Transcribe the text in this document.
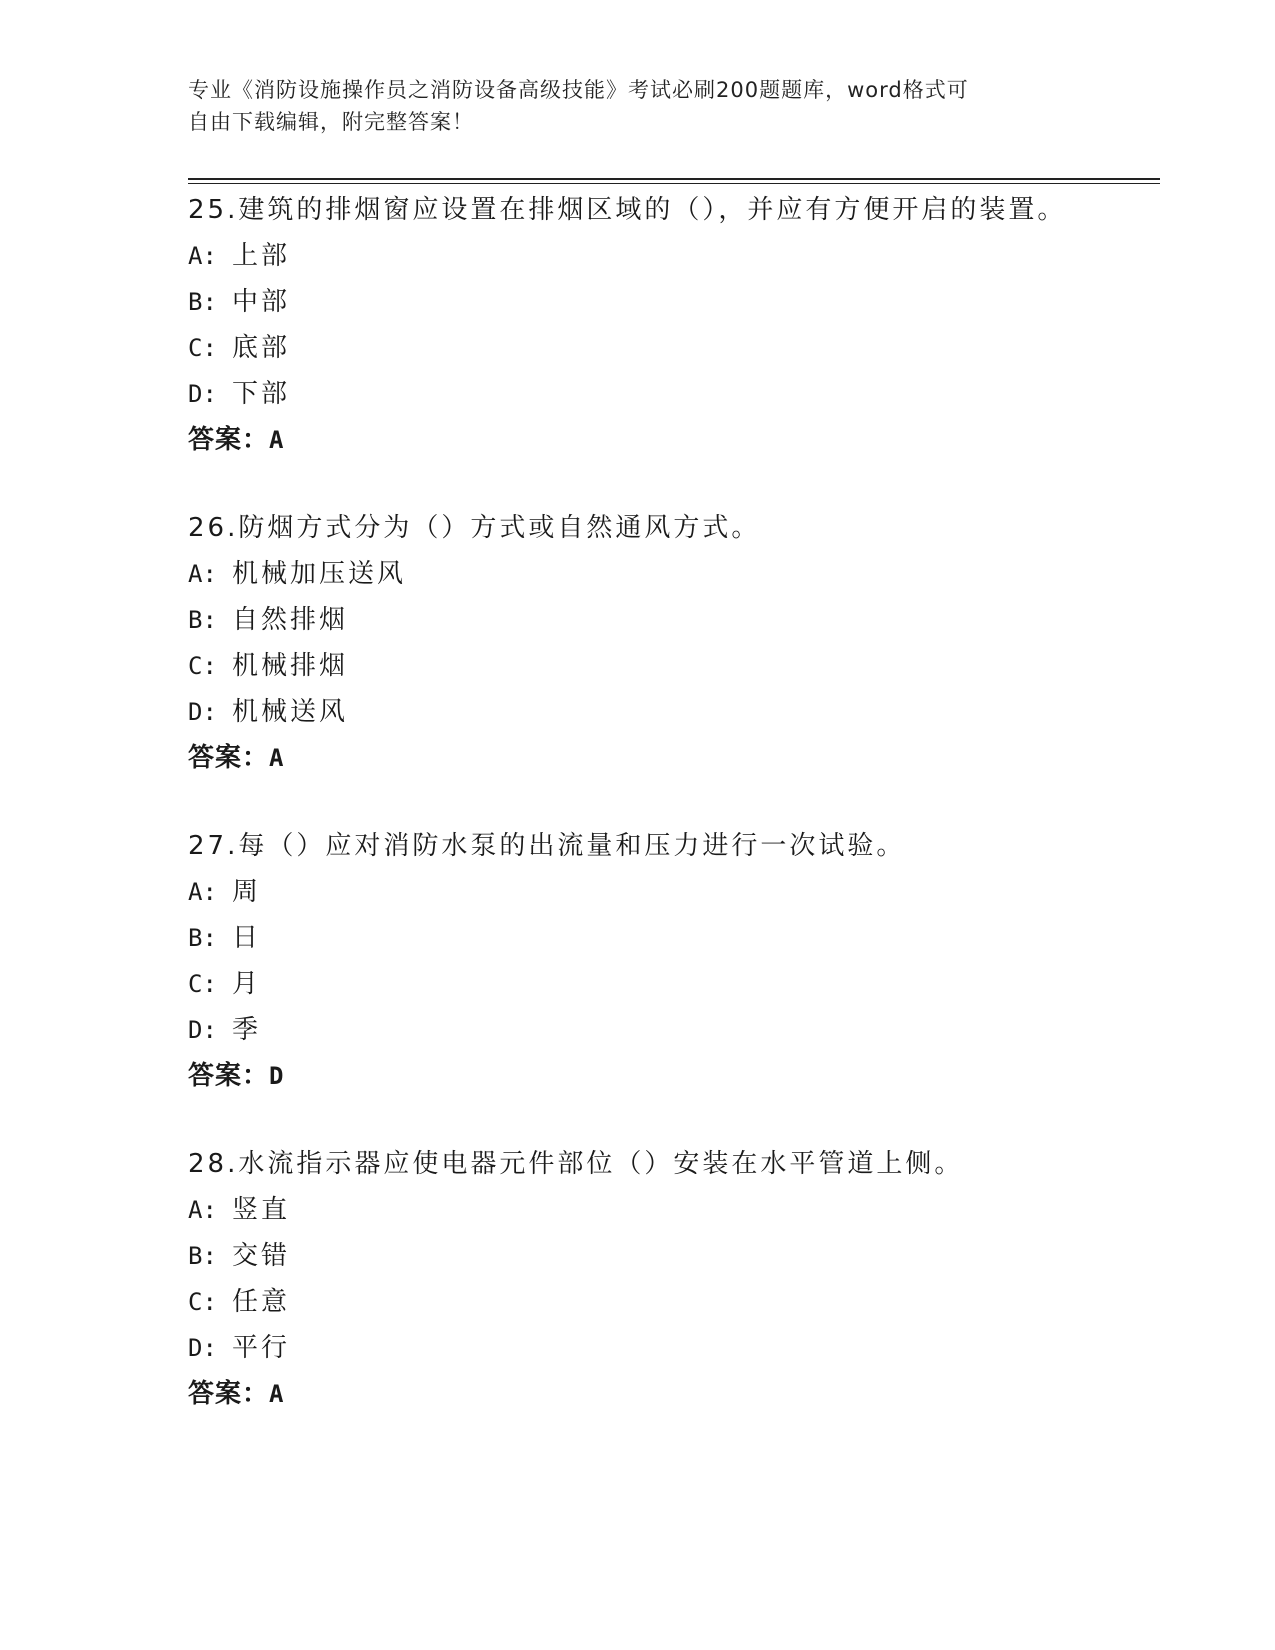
专业《消防设施操作员之消防设备高级技能》考试必刷200题题库，word格式可
自由下载编辑，附完整答案！
25.建筑的排烟窗应设置在排烟区域的（），并应有方便开启的装置。
A: 上部
B: 中部
C: 底部
D: 下部
答案：A
26.防烟方式分为（）方式或自然通风方式。
A: 机械加压送风
B: 自然排烟
C: 机械排烟
D: 机械送风
答案：A
27.每（）应对消防水泵的出流量和压力进行一次试验。
A: 周
B: 日
C: 月
D: 季
答案：D
28.水流指示器应使电器元件部位（）安装在水平管道上侧。
A: 竖直
B: 交错
C: 任意
D: 平行
答案：A
